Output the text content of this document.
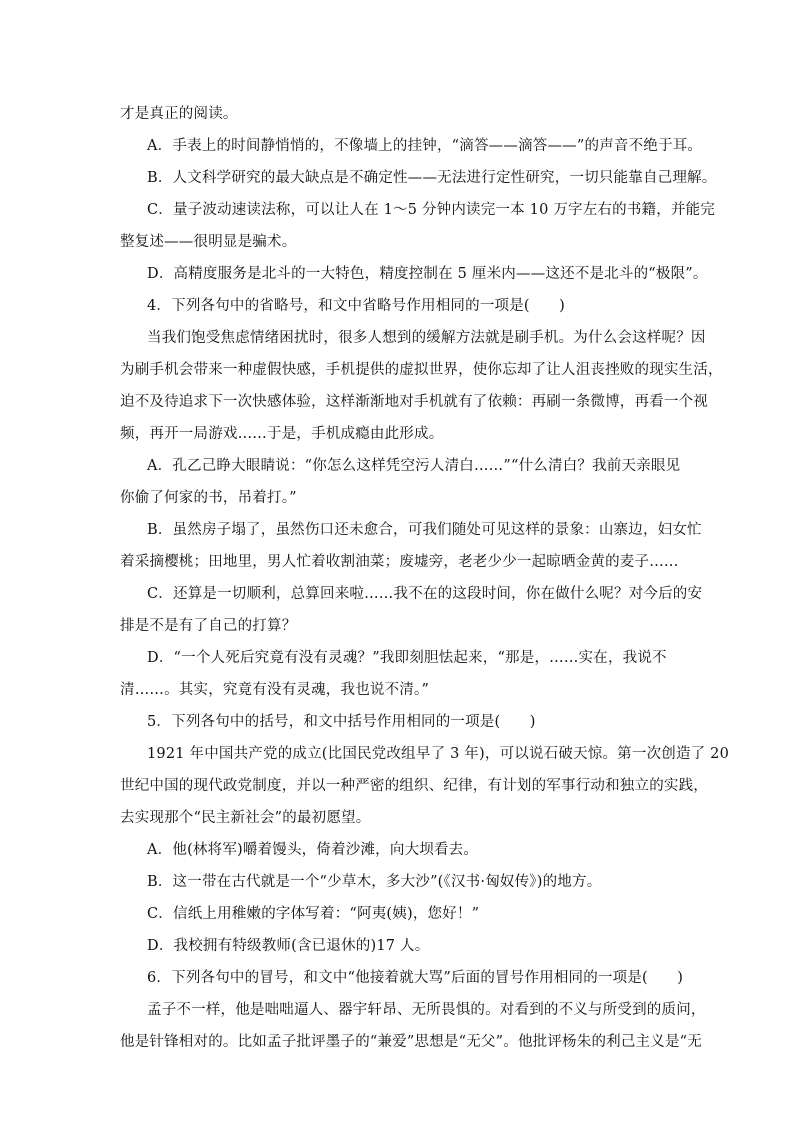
才是真正的阅读。
A．手表上的时间静悄悄的，不像墙上的挂钟，“滴答——滴答——”的声音不绝于耳。
B．人文科学研究的最大缺点是不确定性——无法进行定性研究，一切只能靠自己理解。
C．量子波动速读法称，可以让人在 1～5 分钟内读完一本 10 万字左右的书籍，并能完
整复述——很明显是骗术。
D．高精度服务是北斗的一大特色，精度控制在 5 厘米内——这还不是北斗的“极限”。
4．下列各句中的省略号，和文中省略号作用相同的一项是(　　)
当我们饱受焦虑情绪困扰时，很多人想到的缓解方法就是刷手机。为什么会这样呢？因
为刷手机会带来一种虚假快感，手机提供的虚拟世界，使你忘却了让人沮丧挫败的现实生活，
迫不及待追求下一次快感体验，这样渐渐地对手机就有了依赖：再刷一条微博，再看一个视
频，再开一局游戏……于是，手机成瘾由此形成。
A．孔乙己睁大眼睛说：“你怎么这样凭空污人清白……”“什么清白？我前天亲眼见
你偷了何家的书，吊着打。”
B．虽然房子塌了，虽然伤口还未愈合，可我们随处可见这样的景象：山寨边，妇女忙
着采摘樱桃；田地里，男人忙着收割油菜；废墟旁，老老少少一起晾晒金黄的麦子……
C．还算是一切顺利，总算回来啦……我不在的这段时间，你在做什么呢？对今后的安
排是不是有了自己的打算？
D．“一个人死后究竟有没有灵魂？”我即刻胆怯起来，“那是，……实在，我说不
清……。其实，究竟有没有灵魂，我也说不清。”
5．下列各句中的括号，和文中括号作用相同的一项是(　　)
1921 年中国共产党的成立(比国民党改组早了 3 年)，可以说石破天惊。第一次创造了 20
世纪中国的现代政党制度，并以一种严密的组织、纪律，有计划的军事行动和独立的实践，
去实现那个“民主新社会”的最初愿望。
A．他(林将军)嚼着馒头，倚着沙滩，向大坝看去。
B．这一带在古代就是一个“少草木，多大沙”(《汉书·匈奴传》)的地方。
C．信纸上用稚嫩的字体写着：“阿夷(姨)，您好！”
D．我校拥有特级教师(含已退休的)17 人。
6．下列各句中的冒号，和文中“他接着就大骂”后面的冒号作用相同的一项是(　　)
孟子不一样，他是咄咄逼人、器宇轩昂、无所畏惧的。对看到的不义与所受到的质问，
他是针锋相对的。比如孟子批评墨子的“兼爱”思想是“无父”。他批评杨朱的利己主义是“无
